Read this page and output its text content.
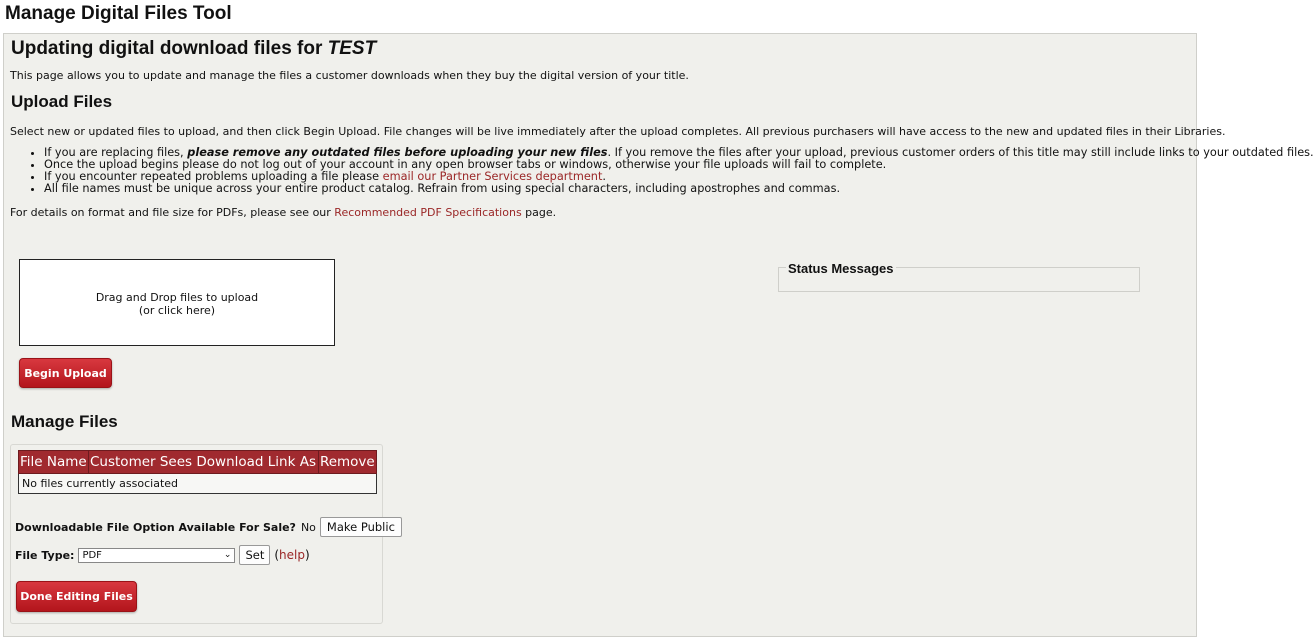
Manage Digital Files Tool
Updating digital download files for TEST
This page allows you to update and manage the files a customer downloads when they buy the digital version of your title.
Upload Files
Select new or updated files to upload, and then click Begin Upload. File changes will be live immediately after the upload completes. All previous purchasers will have access to the new and updated files in their Libraries.
• If you are replacing files, please remove any outdated files before uploading your new files. If you remove the files after your upload, previous customer orders of this title may still include links to your outdated files.
• Once the upload begins please do not log out of your account in any open browser tabs or windows, otherwise your file uploads will fail to complete.
• If you encounter repeated problems uploading a file please email our Partner Services department.
• All file names must be unique across your entire product catalog. Refrain from using special characters, including apostrophes and commas.
For details on format and file size for PDFs, please see our Recommended PDF Specifications page.
Drag and Drop files to upload
(or click here)
Begin Upload
Status Messages
Manage Files
File Name	Customer Sees Download Link As	Remove
No files currently associated
Downloadable File Option Available For Sale? No Make Public
File Type: PDF	⌄	Set (help)
Done Editing Files
